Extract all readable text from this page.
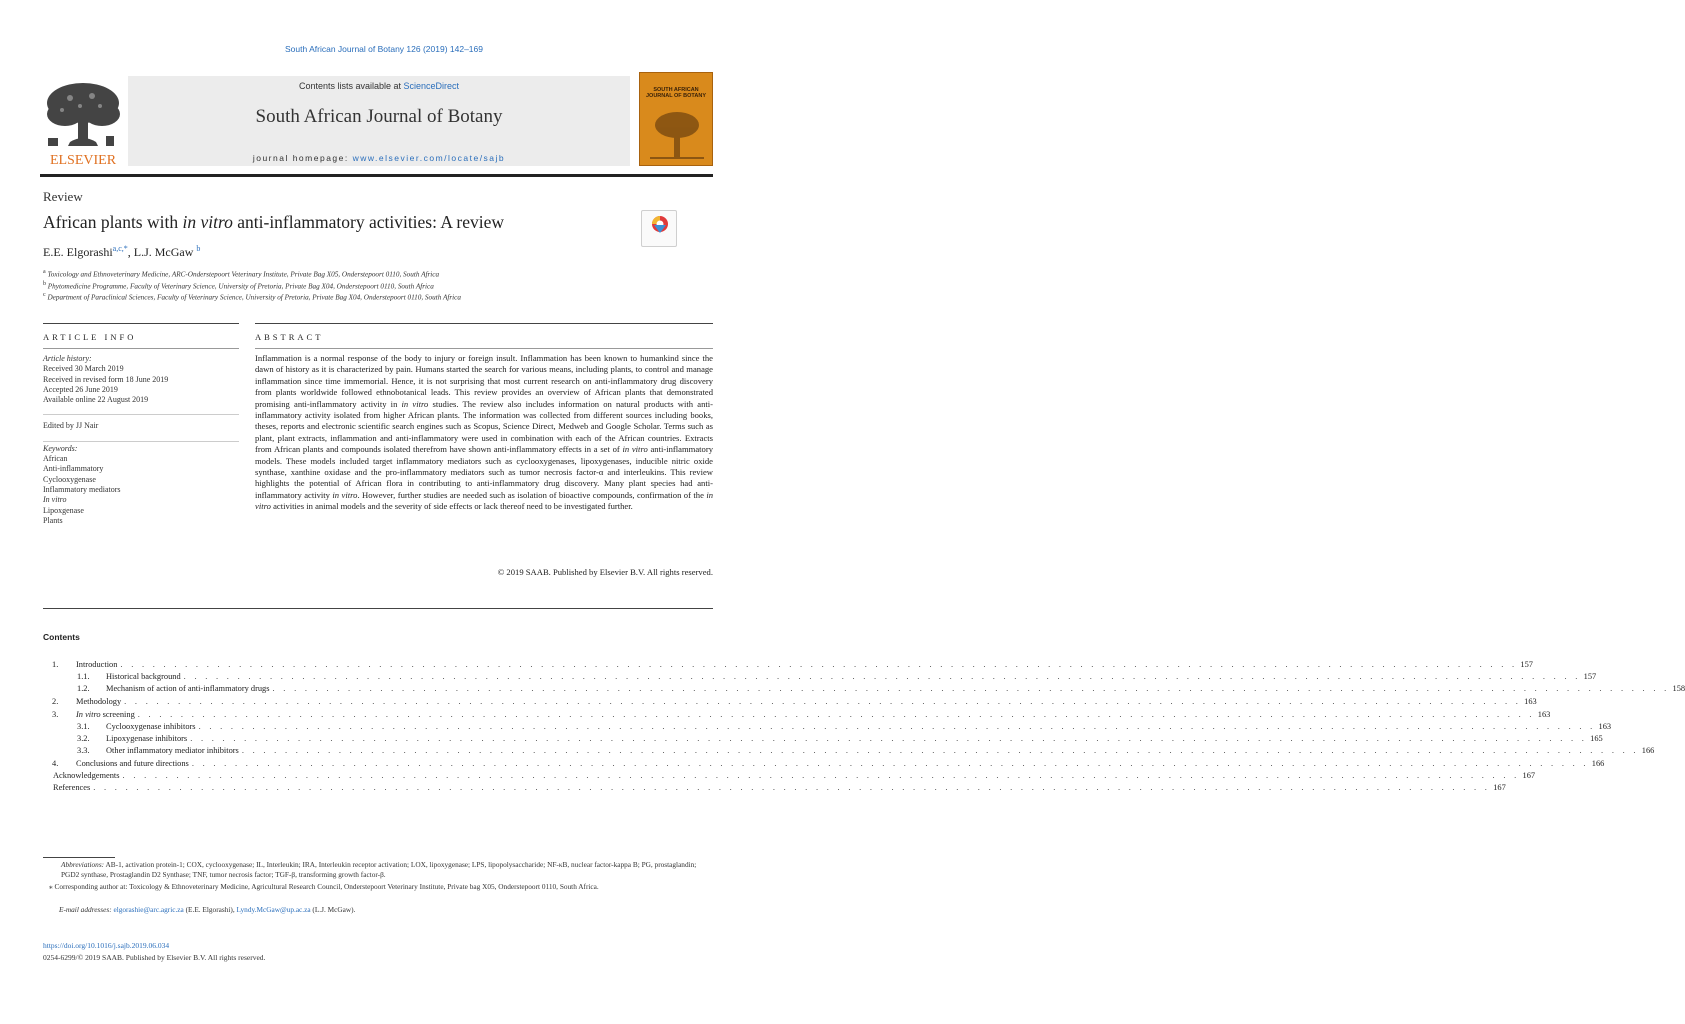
South African Journal of Botany 126 (2019) 142–169
ELSEVIER
Contents lists available at ScienceDirect
South African Journal of Botany
journal homepage: www.elsevier.com/locate/sajb
SOUTH AFRICAN
JOURNAL OF BOTANY
Review
African plants with in vitro anti-inflammatory activities: A review
E.E. Elgorashi$^{a,c,*}$, L.J. McGaw $^b$
$^a$ Toxicology and Ethnoveterinary Medicine, ARC-Onderstepoort Veterinary Institute, Private Bag X05, Onderstepoort 0110, South Africa
$^b$ Phytomedicine Programme, Faculty of Veterinary Science, University of Pretoria, Private Bag X04, Onderstepoort 0110, South Africa
$^c$ Department of Paraclinical Sciences, Faculty of Veterinary Science, University of Pretoria, Private Bag X04, Onderstepoort 0110, South Africa
ARTICLE INFO
Article history:
Received 30 March 2019
Received in revised form 18 June 2019
Accepted 26 June 2019
Available online 22 August 2019
Edited by JJ Nair
Keywords:
African
Anti-inflammatory
Cyclooxygenase
Inflammatory mediators
In vitro
Lipoxgenase
Plants
ABSTRACT
Inflammation is a normal response of the body to injury or foreign insult. Inflammation has been known to humankind since the dawn of history as it is characterized by pain. Humans started the search for various means, including plants, to control and manage inflammation since time immemorial. Hence, it is not surprising that most current research on anti-inflammatory drug discovery from plants worldwide followed ethnobotanical leads. This review provides an overview of African plants that demonstrated promising anti-inflammatory activity in in vitro studies. The review also includes information on natural products with anti-inflammatory activity isolated from higher African plants. The information was collected from different sources including books, theses, reports and electronic scientific search engines such as Scopus, Science Direct, Medweb and Google Scholar. Terms such as plant, plant extracts, inflammation and anti-inflammatory were used in combination with each of the African countries. Extracts from African plants and compounds isolated therefrom have shown anti-inflammatory effects in a set of in vitro anti-inflammatory models. These models included target inflammatory mediators such as cyclooxygenases, lipoxygenases, inducible nitric oxide synthase, xanthine oxidase and the pro-inflammatory mediators such as tumor necrosis factor-α and interleukins. This review highlights the potential of African flora in contributing to anti-inflammatory drug discovery. Many plant species had anti-inflammatory activity in vitro. However, further studies are needed such as isolation of bioactive compounds, confirmation of the in vitro activities in animal models and the severity of side effects or lack thereof need to be investigated further.
© 2019 SAAB. Published by Elsevier B.V. All rights reserved.
Contents
1.	Introduction . . . . . . . . . . . . . . . . . . . . . . . . . . . . . . . . . . . . . . . . . . . . . . . . . . . . . . . . . . . . . . . . . . . . . . . . . . . . . . . . . . . . . . . . . . . . . . . . . . . . . . . . . . . . . . . . . . . . . . . . . . . . . . . . . . 157
1.1.	Historical background . . . . . . . . . . . . . . . . . . . . . . . . . . . . . . . . . . . . . . . . . . . . . . . . . . . . . . . . . . . . . . . . . . . . . . . . . . . . . . . . . . . . . . . . . . . . . . . . . . . . . . . . . . . . . . . . . . . . . . . . . . . . . . . . . . 157
1.2.	Mechanism of action of anti-inflammatory drugs . . . . . . . . . . . . . . . . . . . . . . . . . . . . . . . . . . . . . . . . . . . . . . . . . . . . . . . . . . . . . . . . . . . . . . . . . . . . . . . . . . . . . . . . . . . . . . . . . . . . . . . . . . . . . . . . . . . . . . . . . . . . . . . . . . 158
2.	Methodology . . . . . . . . . . . . . . . . . . . . . . . . . . . . . . . . . . . . . . . . . . . . . . . . . . . . . . . . . . . . . . . . . . . . . . . . . . . . . . . . . . . . . . . . . . . . . . . . . . . . . . . . . . . . . . . . . . . . . . . . . . . . . . . . . . 163
3.	In vitro screening . . . . . . . . . . . . . . . . . . . . . . . . . . . . . . . . . . . . . . . . . . . . . . . . . . . . . . . . . . . . . . . . . . . . . . . . . . . . . . . . . . . . . . . . . . . . . . . . . . . . . . . . . . . . . . . . . . . . . . . . . . . . . . . . . . 163
3.1.	Cyclooxygenase inhibitors . . . . . . . . . . . . . . . . . . . . . . . . . . . . . . . . . . . . . . . . . . . . . . . . . . . . . . . . . . . . . . . . . . . . . . . . . . . . . . . . . . . . . . . . . . . . . . . . . . . . . . . . . . . . . . . . . . . . . . . . . . . . . . . . . . 163
3.2.	Lipoxygenase inhibitors . . . . . . . . . . . . . . . . . . . . . . . . . . . . . . . . . . . . . . . . . . . . . . . . . . . . . . . . . . . . . . . . . . . . . . . . . . . . . . . . . . . . . . . . . . . . . . . . . . . . . . . . . . . . . . . . . . . . . . . . . . . . . . . . . . 165
3.3.	Other inflammatory mediator inhibitors . . . . . . . . . . . . . . . . . . . . . . . . . . . . . . . . . . . . . . . . . . . . . . . . . . . . . . . . . . . . . . . . . . . . . . . . . . . . . . . . . . . . . . . . . . . . . . . . . . . . . . . . . . . . . . . . . . . . . . . . . . . . . . . . . . 166
4.	Conclusions and future directions . . . . . . . . . . . . . . . . . . . . . . . . . . . . . . . . . . . . . . . . . . . . . . . . . . . . . . . . . . . . . . . . . . . . . . . . . . . . . . . . . . . . . . . . . . . . . . . . . . . . . . . . . . . . . . . . . . . . . . . . . . . . . . . . . . 166
Acknowledgements . . . . . . . . . . . . . . . . . . . . . . . . . . . . . . . . . . . . . . . . . . . . . . . . . . . . . . . . . . . . . . . . . . . . . . . . . . . . . . . . . . . . . . . . . . . . . . . . . . . . . . . . . . . . . . . . . . . . . . . . . . . . . . . . . . 167
References . . . . . . . . . . . . . . . . . . . . . . . . . . . . . . . . . . . . . . . . . . . . . . . . . . . . . . . . . . . . . . . . . . . . . . . . . . . . . . . . . . . . . . . . . . . . . . . . . . . . . . . . . . . . . . . . . . . . . . . . . . . . . . . . . . 167
Abbreviations: AB-1, activation protein-1; COX, cyclooxygenase; IL, Interleukin; IRA, Interleukin receptor activation; LOX, lipoxygenase; LPS, lipopolysaccharide; NF-κB, nuclear factor-kappa B; PG, prostaglandin; PGD2 synthase, Prostaglandin D2 Synthase; TNF, tumor necrosis factor; TGF-β, transforming growth factor-β.
⁎ Corresponding author at: Toxicology & Ethnoveterinary Medicine, Agricultural Research Council, Onderstepoort Veterinary Institute, Private bag X05, Onderstepoort 0110, South Africa.
E-mail addresses: elgorashie@arc.agric.za (E.E. Elgorashi), Lyndy.McGaw@up.ac.za (L.J. McGaw).
https://doi.org/10.1016/j.sajb.2019.06.034
0254-6299/© 2019 SAAB. Published by Elsevier B.V. All rights reserved.
